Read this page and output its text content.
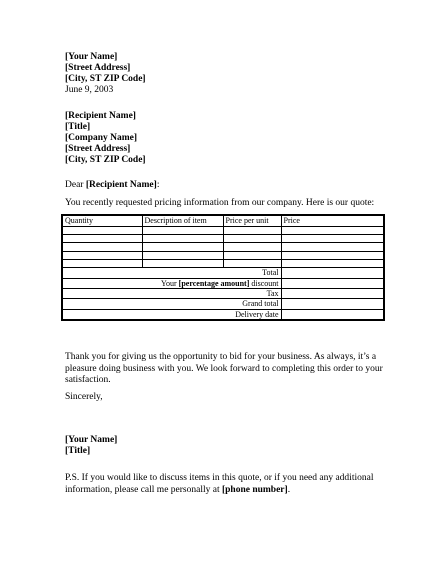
[Your Name]
[Street Address]
[City, ST ZIP Code]
June 9, 2003
[Recipient Name]
[Title]
[Company Name]
[Street Address]
[City, ST ZIP Code]
Dear [Recipient Name]:
You recently requested pricing information from our company. Here is our quote:
Quantity	Description of item	Price per unit	Price

Total			
Your [percentage amount] discount			
Tax			
Grand total			
Delivery date			
Thank you for giving us the opportunity to bid for your business. As always, it’s a pleasure doing business with you. We look forward to completing this order to your satisfaction.
Sincerely,
[Your Name]
[Title]
P.S. If you would like to discuss items in this quote, or if you need any additional information, please call me personally at [phone number].
